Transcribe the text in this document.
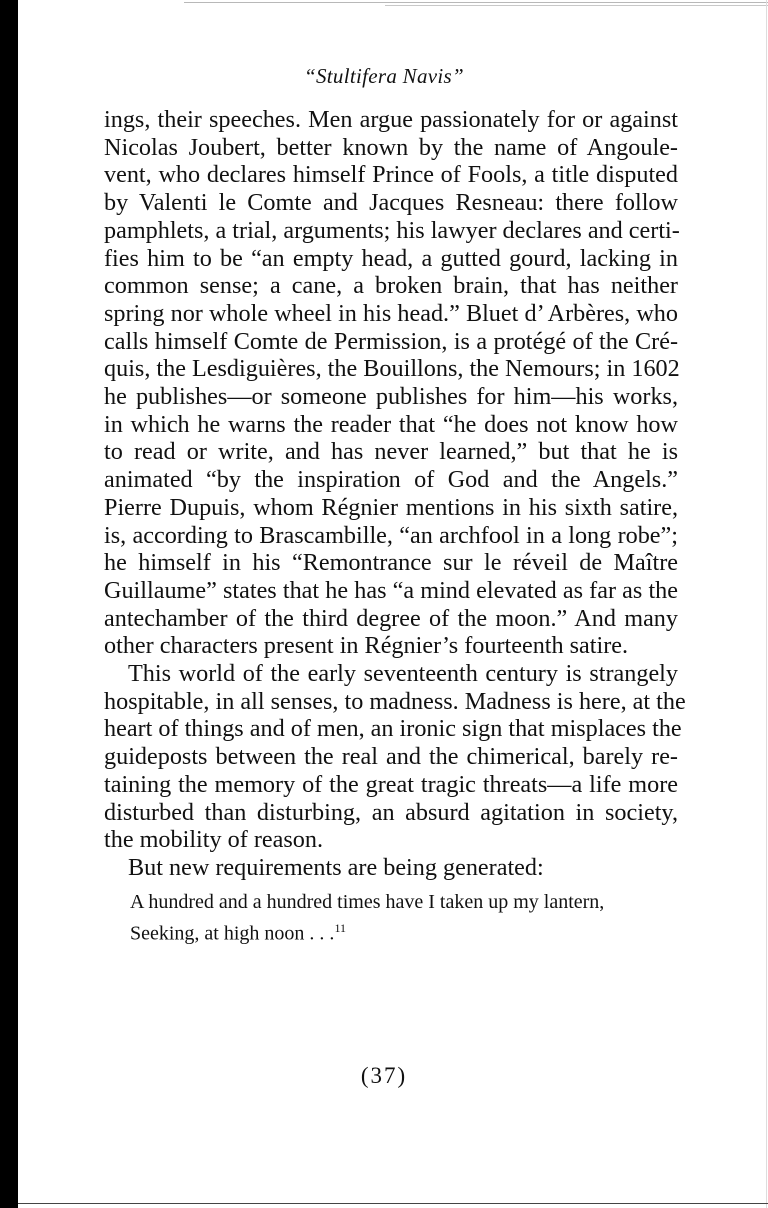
“Stultifera Navis”
ings, their speeches. Men argue passionately for or against
Nicolas Joubert, better known by the name of Angoule-
vent, who declares himself Prince of Fools, a title disputed
by Valenti le Comte and Jacques Resneau: there follow
pamphlets, a trial, arguments; his lawyer declares and certi-
fies him to be “an empty head, a gutted gourd, lacking in
common sense; a cane, a broken brain, that has neither
spring nor whole wheel in his head.” Bluet d’ Arbères, who
calls himself Comte de Permission, is a protégé of the Cré-
quis, the Lesdiguières, the Bouillons, the Nemours; in 1602
he publishes—or someone publishes for him—his works,
in which he warns the reader that “he does not know how
to read or write, and has never learned,” but that he is
animated “by the inspiration of God and the Angels.”
Pierre Dupuis, whom Régnier mentions in his sixth satire,
is, according to Brascambille, “an archfool in a long robe”;
he himself in his “Remontrance sur le réveil de Maître
Guillaume” states that he has “a mind elevated as far as the
antechamber of the third degree of the moon.” And many
other characters present in Régnier’s fourteenth satire.
This world of the early seventeenth century is strangely
hospitable, in all senses, to madness. Madness is here, at the
heart of things and of men, an ironic sign that misplaces the
guideposts between the real and the chimerical, barely re-
taining the memory of the great tragic threats—a life more
disturbed than disturbing, an absurd agitation in society,
the mobility of reason.
But new requirements are being generated:
A hundred and a hundred times have I taken up my lantern,
Seeking, at high noon . . .$^{11}$
(37)
